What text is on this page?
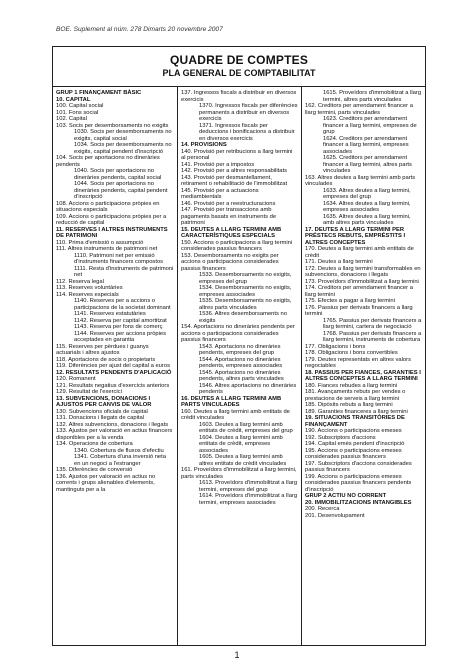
BOE. Suplement al núm. 278 Dimarts 20 novembre 2007
QUADRE DE COMPTES
PLA GENERAL DE COMPTABILITAT

GRUP 1 FINANÇAMENT BÀSIC

10. CAPITAL

100. Capital social

101. Fons social

102. Capital

103. Socis per desemborsaments no exigits

1030. Socis per desemborsaments no exigits, capital social

1034. Socis per desemborsaments no exigits, capital pendent d'inscripció

104. Socis per aportacions no dineràries pendents

1040. Socis per aportacions no dineràries pendents, capital social

1044. Socis per aportacions no dineràries pendents, capital pendent d'inscripció

108. Accions o participacions pròpies en situacions especials

109. Accions o participacions pròpies per a reducció de capital

11. RESERVES I ALTRES INSTRUMENTS DE PATRIMONI

110. Prima d'emissió o assumpció

111. Altres instruments de patrimoni net

1110. Patrimoni net per emissió d'instruments financers compostos

1111. Resta d'instruments de patrimoni net

112. Reserva legal

113. Reserves voluntàries

114. Reserves especials

1140. Reserves per a accions o participacions de la societat dominant

1141. Reserves estatutàries

1142. Reserva per capital amortitzat

1143. Reserva per fons de comerç

1144. Reserves per accions pròpies acceptades en garantia

115. Reserves per pèrdues i guanys actuarials i altres ajustos

118. Aportacions de socis o propietaris

119. Diferències per ajust del capital a euros

12. RESULTATS PENDENTS D'APLICACIÓ

120. Romanent

121. Resultats negatius d'exercicis anteriors

129. Resultat de l'exercici

13. SUBVENCIONS, DONACIONS I AJUSTOS PER CANVIS DE VALOR

130. Subvencions oficials de capital

131. Donacions i llegats de capital

132. Altres subvencions, donacions i llegats

133. Ajustos per valoració en actius financers disponibles per a la venda

134. Operacions de cobertura

1340. Cobertura de fluxos d'efectiu

1341. Cobertura d'una inversió neta en un negoci a l'estranger

135. Diferències de conversió

136. Ajustos per valoració en actius no corrents i grups alienables d'elements, mantinguts per a la

137. Ingressos fiscals a distribuir en diversos exercicis

1370. Ingressos fiscals per diferències permanents a distribuir en diversos exercicis

1371. Ingressos fiscals per deduccions i bonificacions a distribuir en diversos exercicis

14. PROVISIONS

140. Provisió per retribucions a llarg termini al personal

141. Provisió per a impostos

142. Provisió per a altres responsabilitats

143. Provisió per desmantellament, retirament o rehabilitació de l'immobilitzat

145. Provisió per a actuacions mediambientals

146. Provisió per a reestructuracions

147. Provisió per transaccions amb pagaments basats en instruments de patrimoni

15. DEUTES A LLARG TERMINI AMB CARACTERÍSTIQUES ESPECIALS

150. Accions o participacions a llarg termini considerades passius financers

153. Desemborsaments no exigits per accions o participacions considerades passius financers

1533. Desemborsaments no exigits, empreses del grup

1534. Desemborsaments no exigits, empreses associades

1535. Desemborsaments no exigits, altres parts vinculades

1536. Altres desemborsaments no exigits

154. Aportacions no dineràries pendents per accions o participacions considerades passius financers

1543. Aportacions no dineràries pendents, empreses del grup

1544. Aportacions no dineràries pendents, empreses associades

1545. Aportacions no dineràries pendents, altres parts vinculades

1546. Altres aportacions no dineràries pendents

16. DEUTES A LLARG TERMINI AMB PARTS VINCULADES

160. Deutes a llarg termini amb entitats de crèdit vinculades

1603. Deutes a llarg termini amb entitats de crèdit, empreses del grup

1604. Deutes a llarg termini amb entitats de crèdit, empreses associades

1605. Deutes a llarg termini amb altres entitats de crèdit vinculades

161. Proveïdors d'immobilitzat a llarg termini, parts vinculades

1613. Proveïdors d'immobilitzat a llarg termini, empreses del grup

1614. Proveïdors d'immobilitzat a llarg termini, empreses associades

1615. Proveïdors d'immobilitzat a llarg termini, altres parts vinculades

162. Creditors per arrendament financer a llarg termini, parts vinculades

1623. Creditors per arrendament financer a llarg termini, empreses de grup

1624. Creditors per arrendament financer a llarg termini, empreses associades

1625. Creditors per arrendament financer a llarg termini, altres parts vinculades

163. Altres deutes a llarg termini amb parts vinculades

1633. Altres deutes a llarg termini, empreses del grup

1634. Altres deutes a llarg termini, empreses associades

1635. Altres deutes a llarg termini, amb altres parts vinculades

17. DEUTES A LLARG TERMINI PER PRÉSTECS REBUTS, EMPRÉSTITS I ALTRES CONCEPTES

170. Deutes a llarg termini amb entitats de crèdit

171. Deutes a llarg termini

172. Deutes a llarg termini transformables en subvencions, donacions i llegats

173. Proveïdors d'immobilitzat a llarg termini

174. Creditors per arrendament financer a llarg termini

175. Efectes a pagar a llarg termini

176. Passius per derivats financers a llarg termini

1765. Passius per derivats financers a llarg termini, cartera de negociació

1768. Passius per derivats financers a llarg termini, instruments de cobertura

177. Obligacions i bons

178. Obligacions i bons convertibles

179. Deutes representats en altres valors negociables

18. PASSIUS PER FIANCES, GARANTIES I ALTRES CONCEPTES A LLARG TERMINI

180. Fiances rebudes a llarg termini

181. Avançaments rebuts per vendes o prestacions de serveis a llarg termini

185. Dipòsits rebuts a llarg termini

189. Garanties financeres a llarg termini

19. SITUACIONS TRANSITÒRIES DE FINANÇAMENT

190. Accions o participacions emeses

192. Subscriptors d'accions

194. Capital emès pendent d'inscripció

195. Accions o participacions emeses considerades passius financers

197. Subscriptors d'accions considerades passius financers

199. Accions o participacions emeses considerades passius financers pendents d'inscripció

GRUP 2 ACTIU NO CORRENT

20. IMMOBILITZACIONS INTANGIBLES

200. Recerca

201. Desenvolupament

1
